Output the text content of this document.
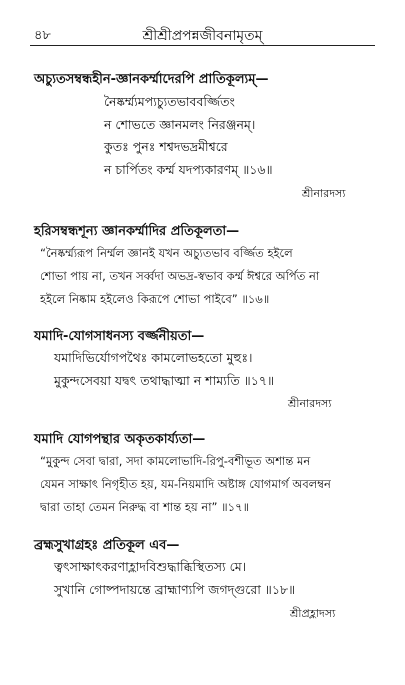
৪৮	শ্রীশ্রীপ্রপন্নজীবনামৃতম্
অচ্যুতসম্বন্ধহীন-জ্ঞানকর্ম্মাদেরপি প্রাতিকূল্যম্—
নৈষ্কর্ম্ম্যমপ্যচ্যুতভাববর্জ্জিতং
ন শোভতে জ্ঞানমলং নিরঞ্জনম্।
কুতঃ পুনঃ শশ্বদভদ্রমীশ্বরে
ন চার্পিতং কর্ম্ম যদপ্যকারণম্ ॥১৬॥
শ্রীনারদস্য
হরিসম্বন্ধশূন্য জ্ঞানকর্ম্মাদির প্রতিকূলতা—
“নৈষ্কর্ম্ম্যরূপ নির্ম্মল জ্ঞানই যখন অচ্যুতভাব বর্জ্জিত হইলে
শোভা পায় না, তখন সর্ব্বদা অভদ্র-স্বভাব কর্ম্ম ঈশ্বরে অর্পিত না
হইলে নিষ্কাম হইলেও কিরূপে শোভা পাইবে” ॥১৬॥
যমাদি-যোগসাধনস্য বর্জ্জনীয়তা—
যমাদিভির্যোগপথৈঃ কামলোভহতো মুহুঃ।
মুকুন্দসেবয়া যদ্বৎ তথাদ্ধাত্মা ন শাম্যতি ॥১৭॥
শ্রীনারদস্য
যমাদি যোগপন্থার অকৃতকার্য্যতা—
“মুকুন্দ সেবা দ্বারা, সদা কামলোভাদি-রিপু-বশীভূত অশান্ত মন
যেমন সাক্ষাৎ নিগৃহীত হয়, যম-নিয়মাদি অষ্টাঙ্গ যোগমার্গ অবলম্বন
দ্বারা তাহা তেমন নিরুদ্ধ বা শান্ত হয় না” ॥১৭॥
ব্রহ্মসুখাগ্রহঃ প্রতিকূল এব—
ত্বৎসাক্ষাৎকরণাহ্লাদবিশুদ্ধাব্ধিস্থিতস্য মে।
সুখানি গোষ্পদায়ন্তে ব্রাহ্মাণ্যপি জগদ্গুরো ॥১৮॥
শ্রীপ্রহ্লাদস্য
